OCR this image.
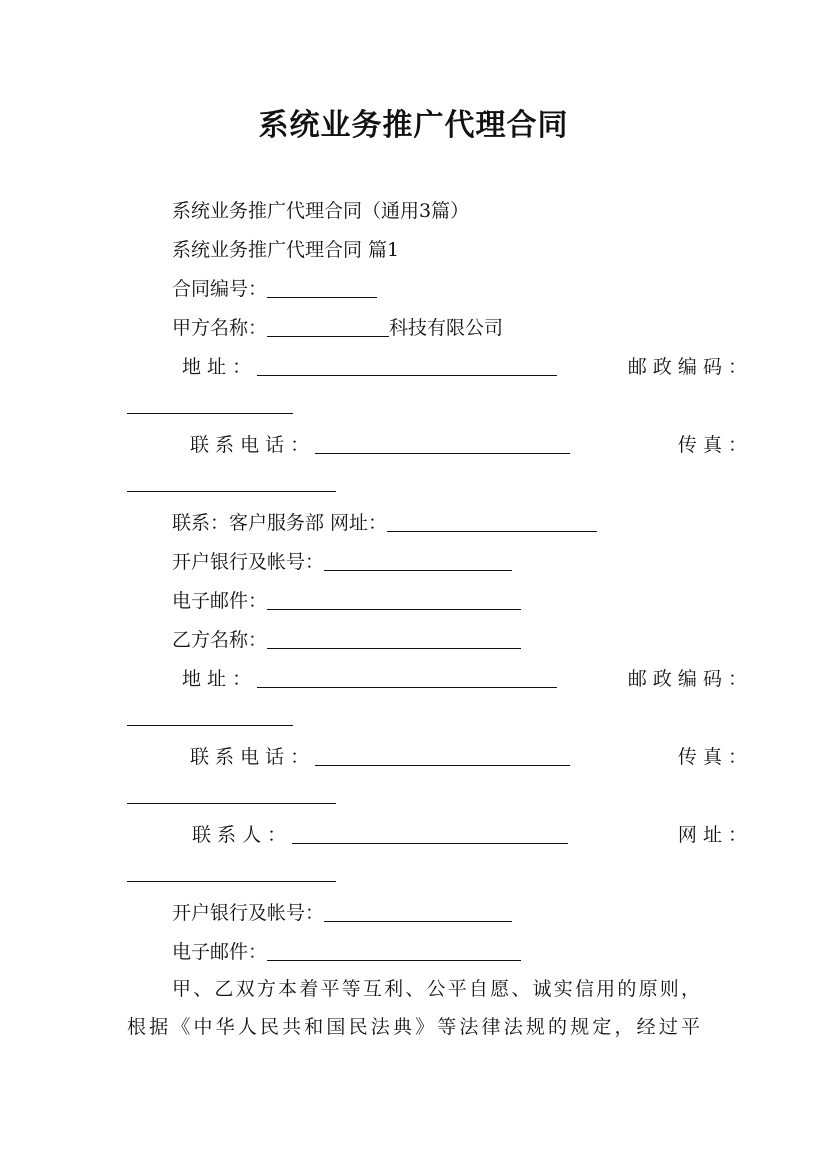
系统业务推广代理合同
系统业务推广代理合同（通用3篇）
系统业务推广代理合同 篇1
合同编号：
甲方名称：	科技有限公司
地 址 ：	邮 政 编 码 ：
联 系 电 话 ：	传 真 ：
联系：客户服务部 网址：
开户银行及帐号：
电子邮件：
乙方名称：
地 址 ：	邮 政 编 码 ：
联 系 电 话 ：	传 真 ：
联 系 人 ：	网 址 ：
开户银行及帐号：
电子邮件：
甲、乙双方本着平等互利、公平自愿、诚实信用的原则，
根据《中华人民共和国民法典》等法律法规的规定，经过平
